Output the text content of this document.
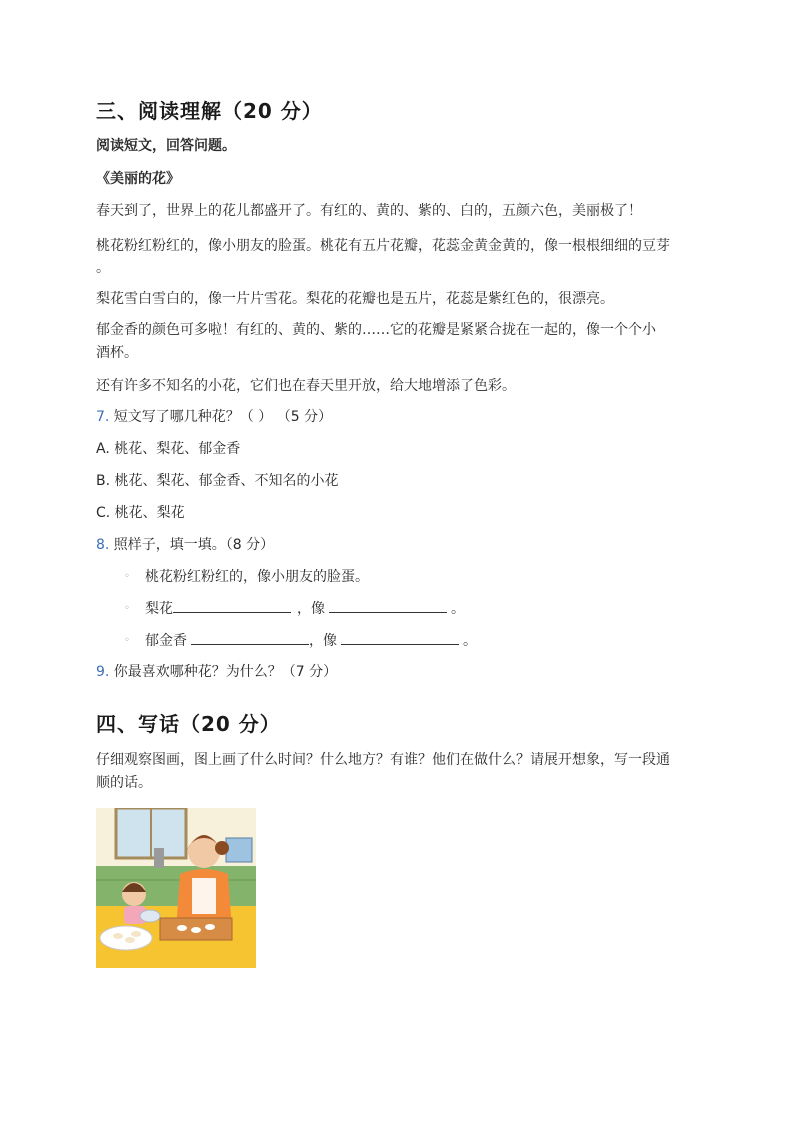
三、阅读理解（20 分）
阅读短文，回答问题。
《美丽的花》
春天到了，世界上的花儿都盛开了。有红的、黄的、紫的、白的，五颜六色，美丽极了！
桃花粉红粉红的，像小朋友的脸蛋。桃花有五片花瓣，花蕊金黄金黄的，像一根根细细的豆芽
。
梨花雪白雪白的，像一片片雪花。梨花的花瓣也是五片，花蕊是紫红色的，很漂亮。
郁金香的颜色可多啦！有红的、黄的、紫的……它的花瓣是紧紧合拢在一起的，像一个个小
酒杯。
还有许多不知名的小花，它们也在春天里开放，给大地增添了色彩。
7. 短文写了哪几种花？（ ） （5 分）
A. 桃花、梨花、郁金香
B. 桃花、梨花、郁金香、不知名的小花
C. 桃花、梨花
8. 照样子，填一填。（8 分）
◦ 桃花粉红粉红的，像小朋友的脸蛋。
◦ 梨花	，像	。
◦ 郁金香	，像	。
9. 你最喜欢哪种花？为什么？（7 分）
四、写话（20 分）
仔细观察图画，图上画了什么时间？什么地方？有谁？他们在做什么？请展开想象，写一段通
顺的话。
